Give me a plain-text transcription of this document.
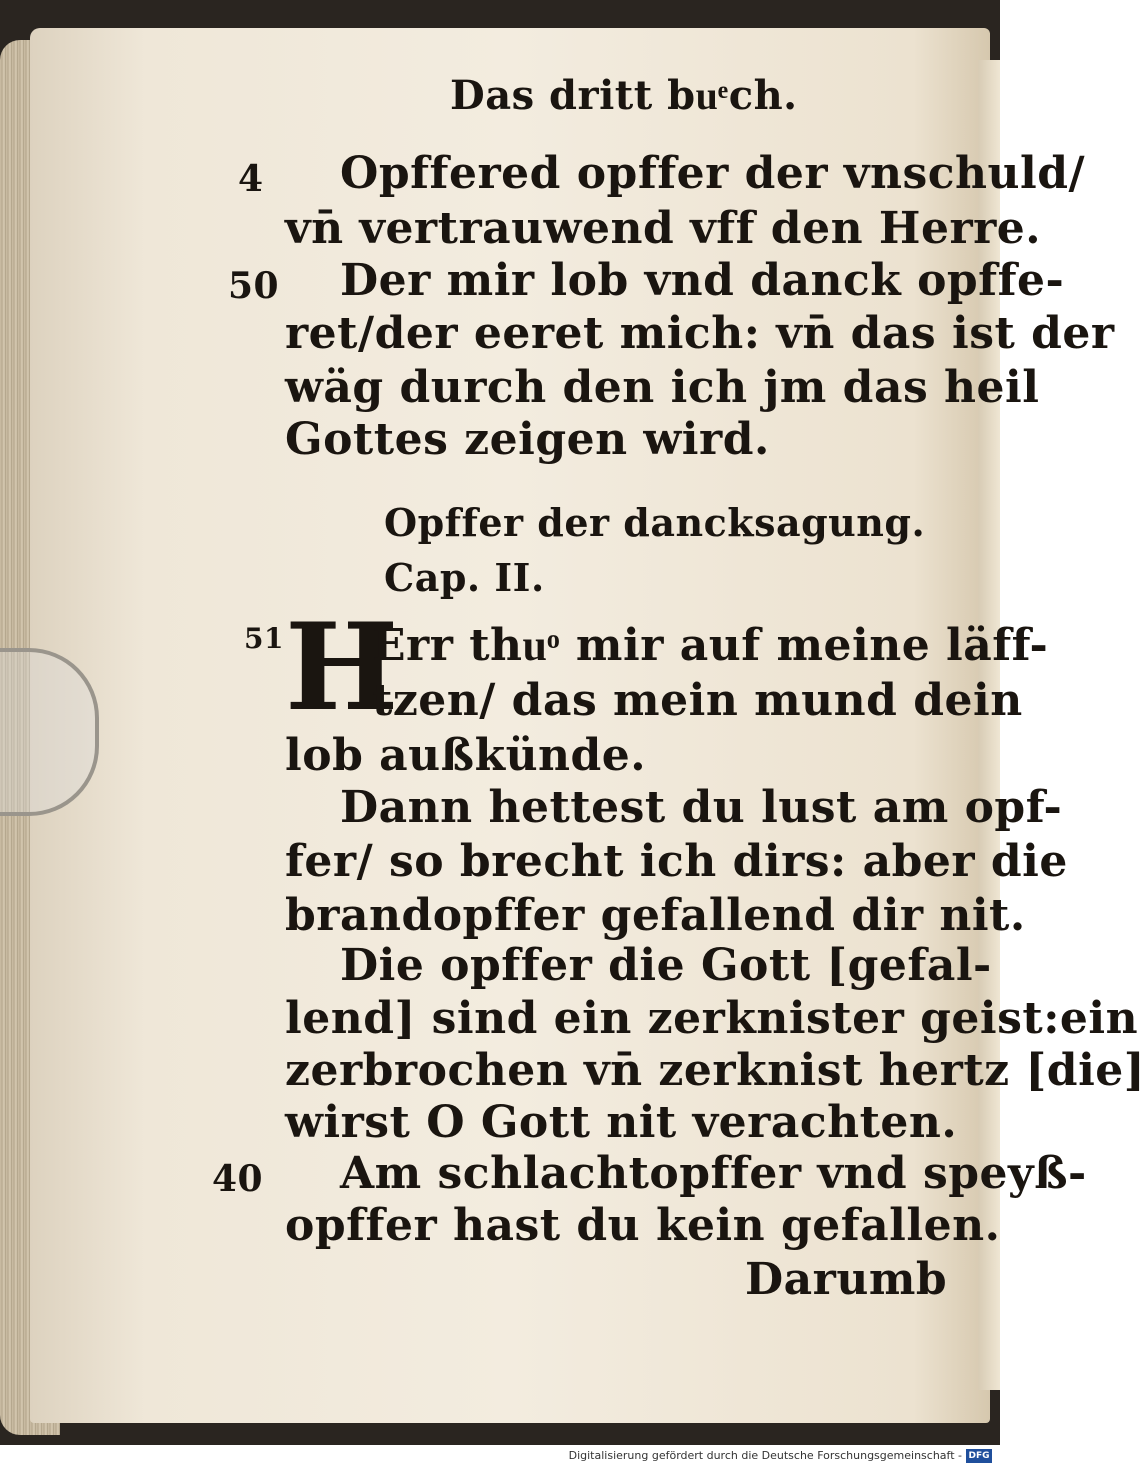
Das dritt buͤch.
4 Opffered opffer der vnschuld/
vn̄ vertrauwend vff den Herre.
50 Der mir lob vnd danck opffe-
ret/der eeret mich: vn̄ das ist der
wäg durch den ich jm das heil
Gottes zeigen wird.
Opffer der dancksagung.
Cap. II.
51 H
Err thuͦ mir auf meine läff-
tzen/ das mein mund dein
lob außkünde.
Dann hettest du lust am opf-
fer/ so brecht ich dirs: aber die
brandopffer gefallend dir nit.
Die opffer die Gott [gefal-
lend] sind ein zerknister geist:ein
zerbrochen vn̄ zerknist hertz [die]
wirst O Gott nit verachten.
40 Am schlachtopffer vnd speyß-
opffer hast du kein gefallen.
Darumb
Digitalisierung gefördert durch die Deutsche Forschungsgemeinschaft - DFG
